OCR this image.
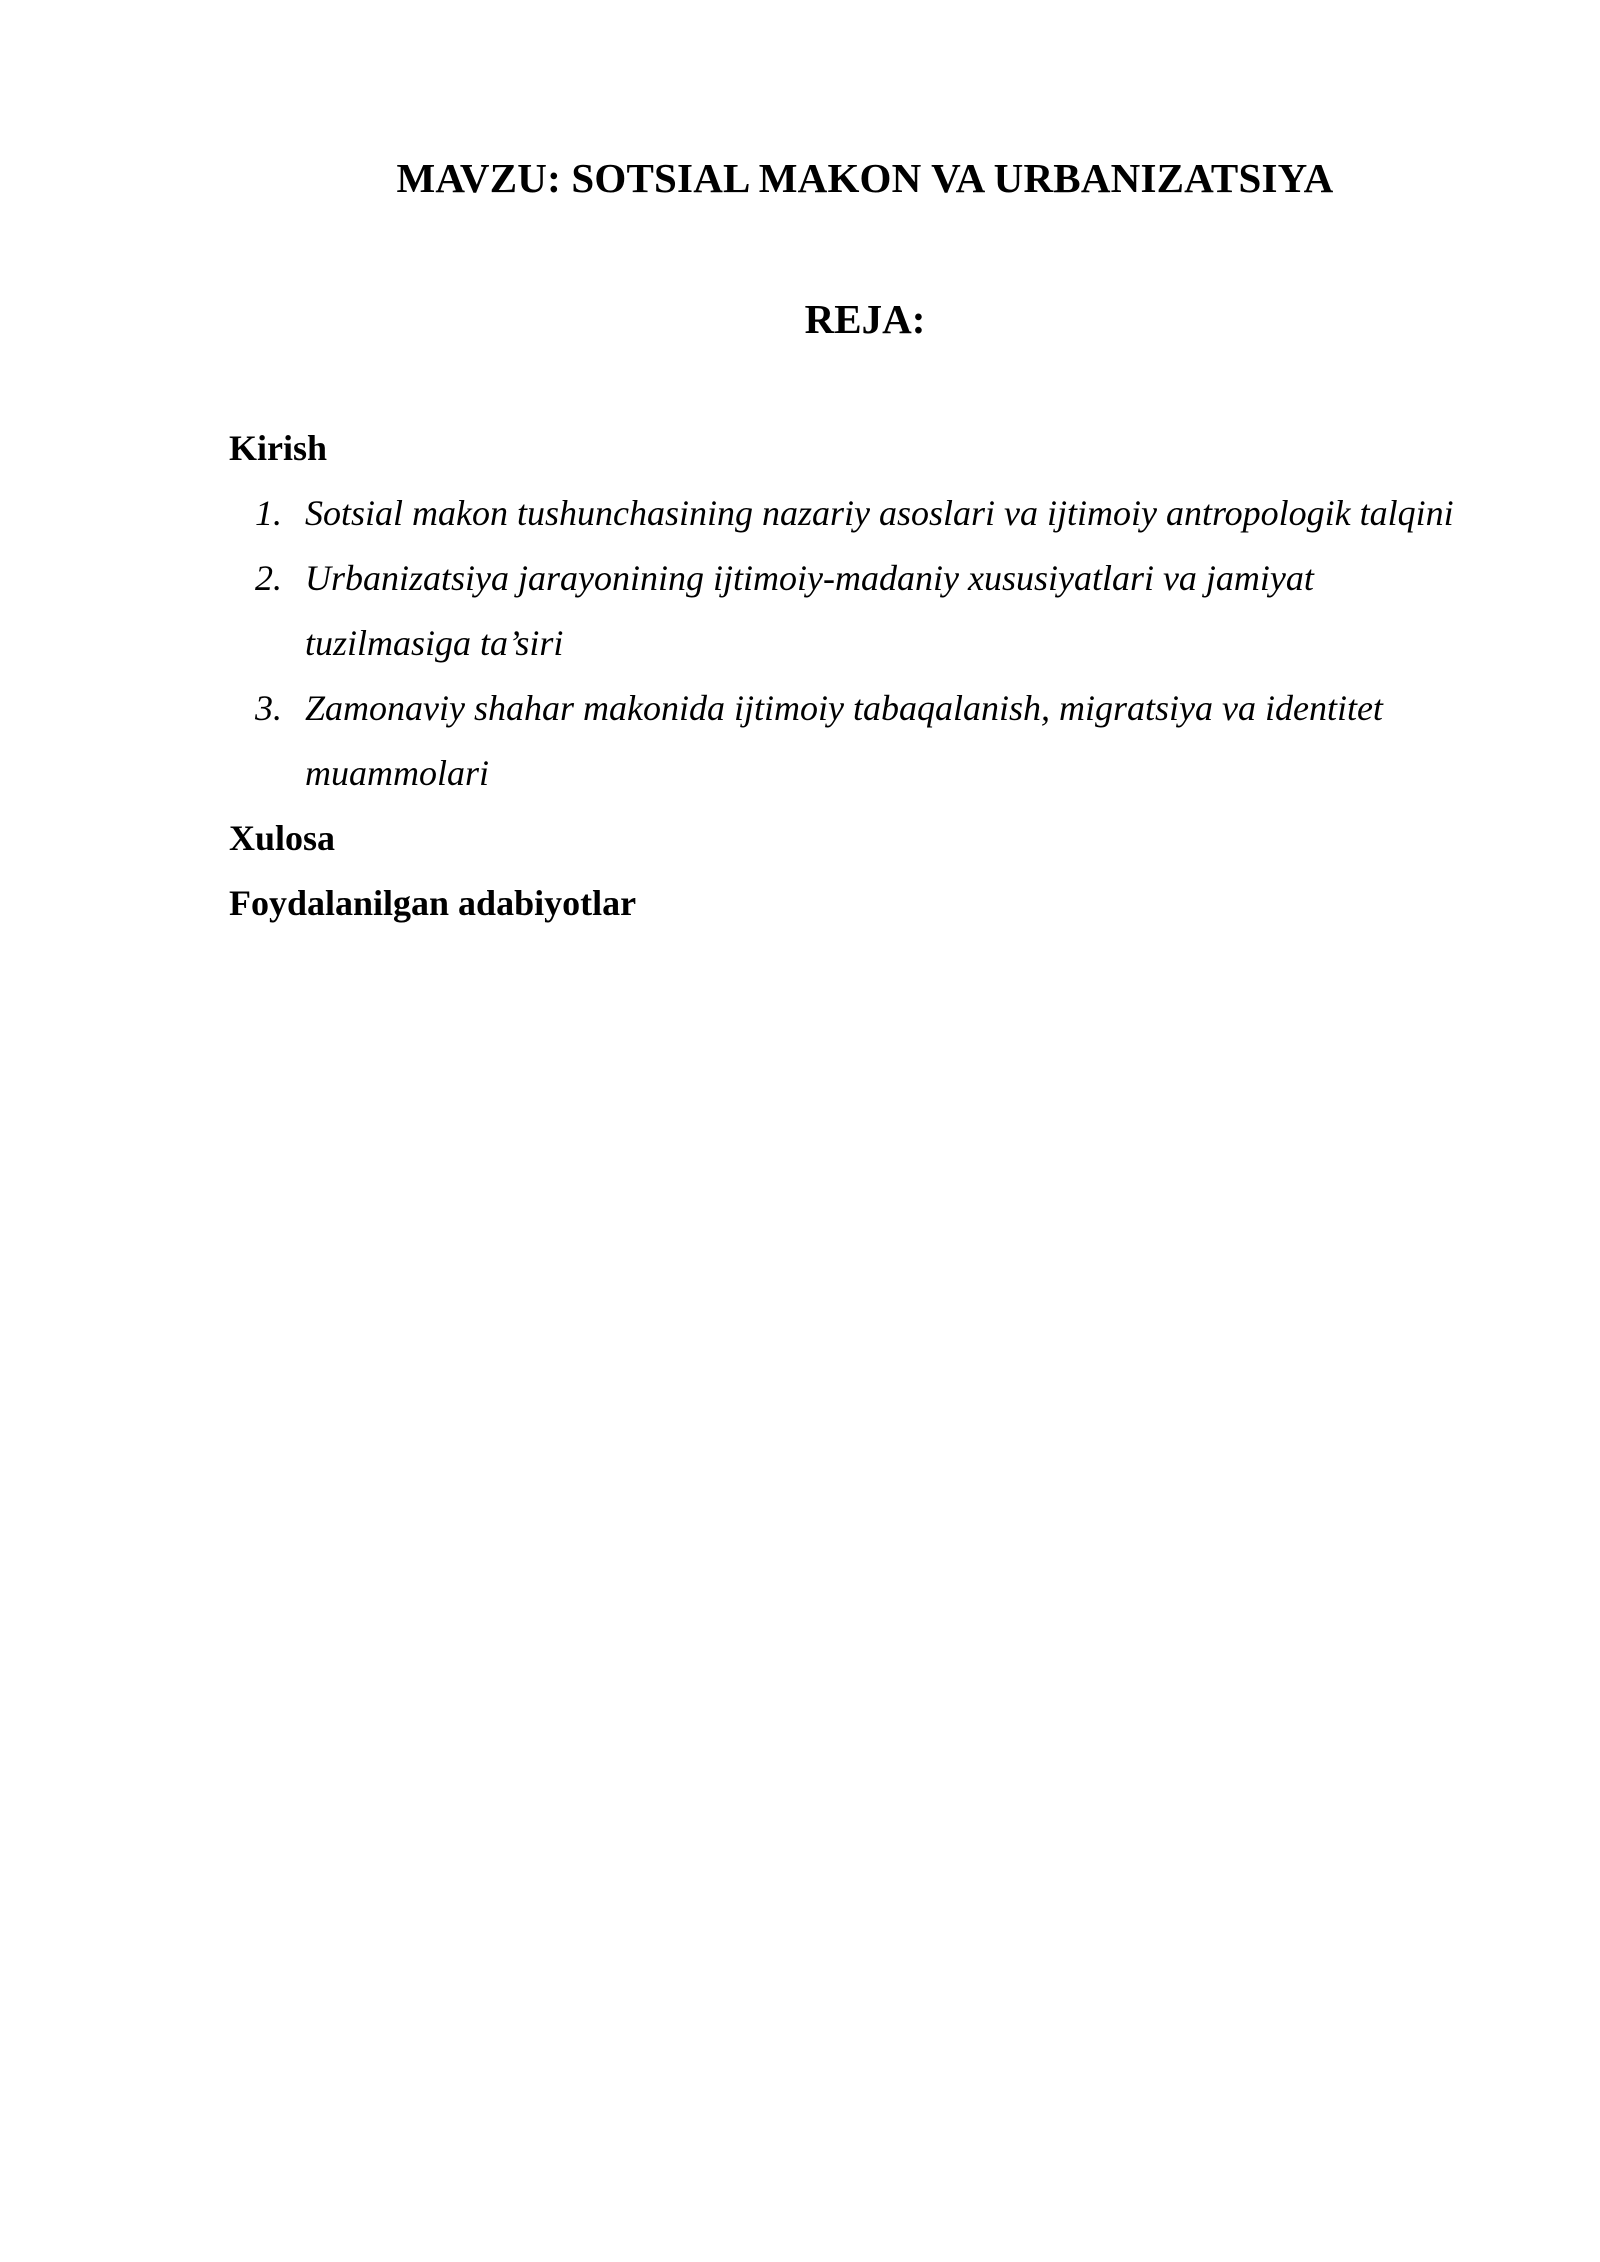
MAVZU: SOTSIAL MAKON VA URBANIZATSIYA
REJA:

Kirish

1. Sotsial makon tushunchasining nazariy asoslari va ijtimoiy antropologik talqini
2. Urbanizatsiya jarayonining ijtimoiy-madaniy xususiyatlari va jamiyat tuzilmasiga ta’siri
3. Zamonaviy shahar makonida ijtimoiy tabaqalanish, migratsiya va identitet muammolari

Xulosa

Foydalanilgan adabiyotlar
